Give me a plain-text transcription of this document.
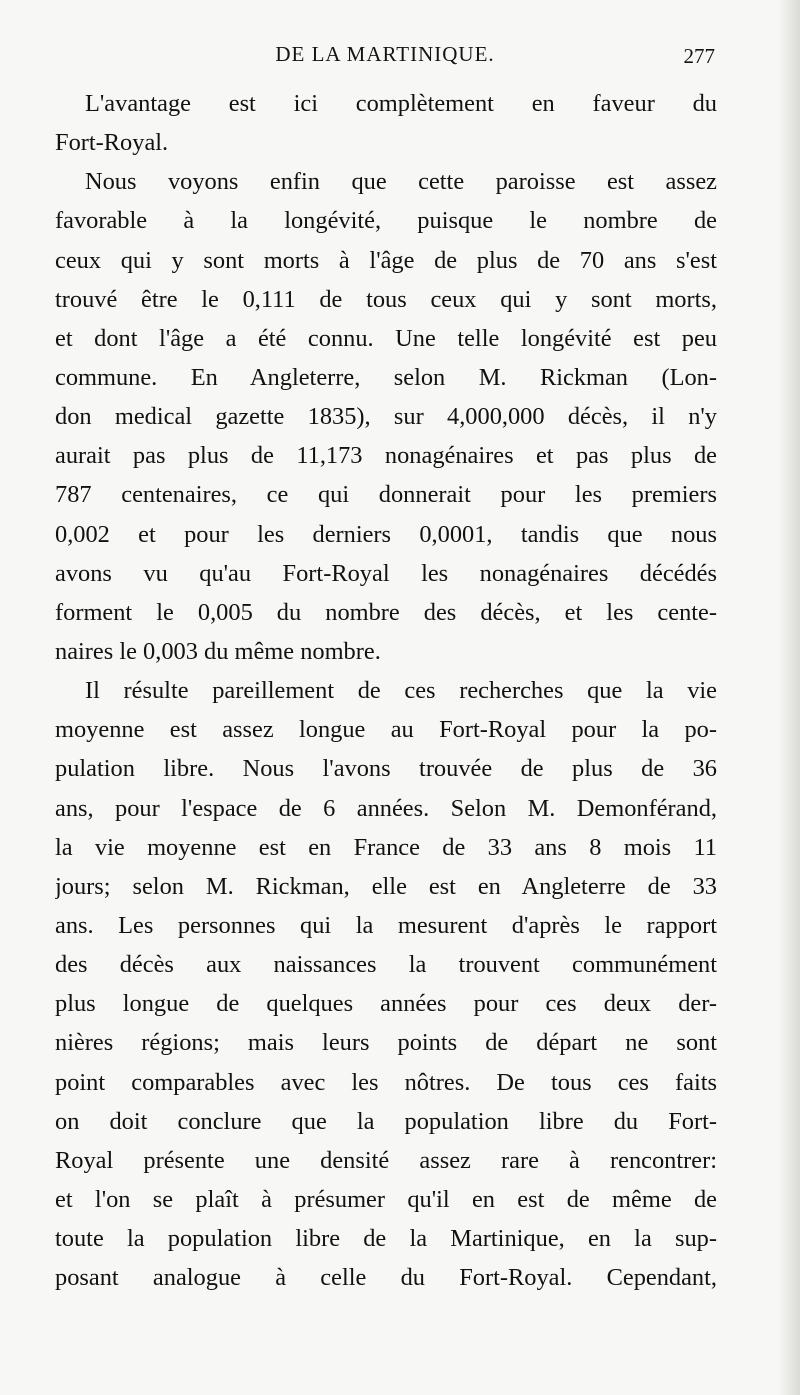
DE LA MARTINIQUE.	277
L'avantage est ici complètement en faveur du
Fort-Royal.
Nous voyons enfin que cette paroisse est assez
favorable à la longévité, puisque le nombre de
ceux qui y sont morts à l'âge de plus de 70 ans s'est
trouvé être le 0,111 de tous ceux qui y sont morts,
et dont l'âge a été connu. Une telle longévité est peu
commune. En Angleterre, selon M. Rickman (Lon-
don medical gazette 1835), sur 4,000,000 décès, il n'y
aurait pas plus de 11,173 nonagénaires et pas plus de
787 centenaires, ce qui donnerait pour les premiers
0,002 et pour les derniers 0,0001, tandis que nous
avons vu qu'au Fort-Royal les nonagénaires décédés
forment le 0,005 du nombre des décès, et les cente-
naires le 0,003 du même nombre.
Il résulte pareillement de ces recherches que la vie
moyenne est assez longue au Fort-Royal pour la po-
pulation libre. Nous l'avons trouvée de plus de 36
ans, pour l'espace de 6 années. Selon M. Demonférand,
la vie moyenne est en France de 33 ans 8 mois 11
jours; selon M. Rickman, elle est en Angleterre de 33
ans. Les personnes qui la mesurent d'après le rapport
des décès aux naissances la trouvent communément
plus longue de quelques années pour ces deux der-
nières régions; mais leurs points de départ ne sont
point comparables avec les nôtres. De tous ces faits
on doit conclure que la population libre du Fort-
Royal présente une densité assez rare à rencontrer:
et l'on se plaît à présumer qu'il en est de même de
toute la population libre de la Martinique, en la sup-
posant analogue à celle du Fort-Royal. Cependant,
